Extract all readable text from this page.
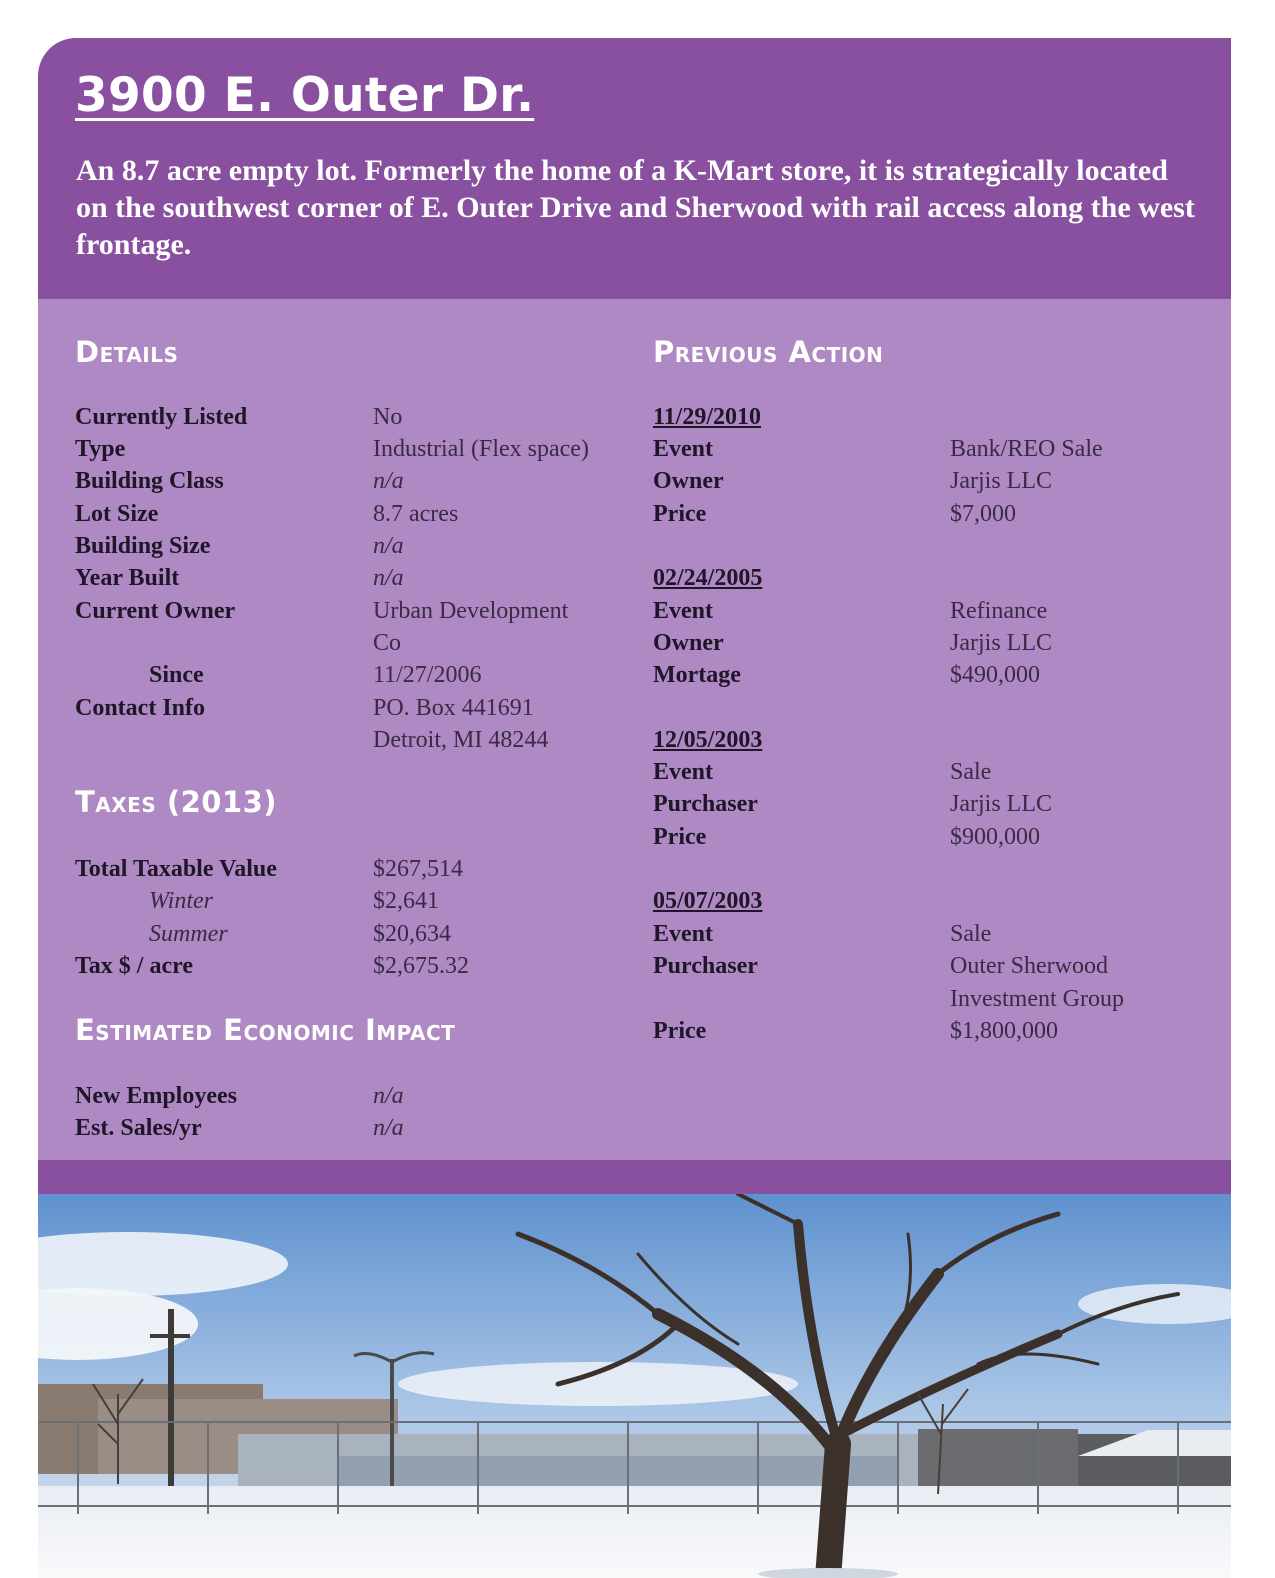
3900 E. Outer Dr.

An 8.7 acre empty lot. Formerly the home of a K-Mart store, it is strategically located on the southwest corner of E. Outer Drive and Sherwood with rail access along the west frontage.

Details
Currently Listed	No
Type	Industrial (Flex space)
Building Class	n/a
Lot Size	8.7 acres
Building Size	n/a
Year Built	n/a
Current Owner	Urban Development
Co
Since	11/27/2006
Contact Info	PO. Box 441691
Detroit, MI 48244
Taxes (2013)
Total Taxable Value	$267,514
Winter	$2,641
Summer	$20,634
Tax $ / acre	$2,675.32
Estimated Economic Impact
New Employees	n/a
Est. Sales/yr	n/a
Previous Action
11/29/2010
Event	Bank/REO Sale
Owner	Jarjis LLC
Price	$7,000
02/24/2005
Event	Refinance
Owner	Jarjis LLC
Mortage	$490,000
12/05/2003
Event	Sale
Purchaser	Jarjis LLC
Price	$900,000
05/07/2003
Event	Sale
Purchaser	Outer Sherwood
Investment Group
Price	$1,800,000
